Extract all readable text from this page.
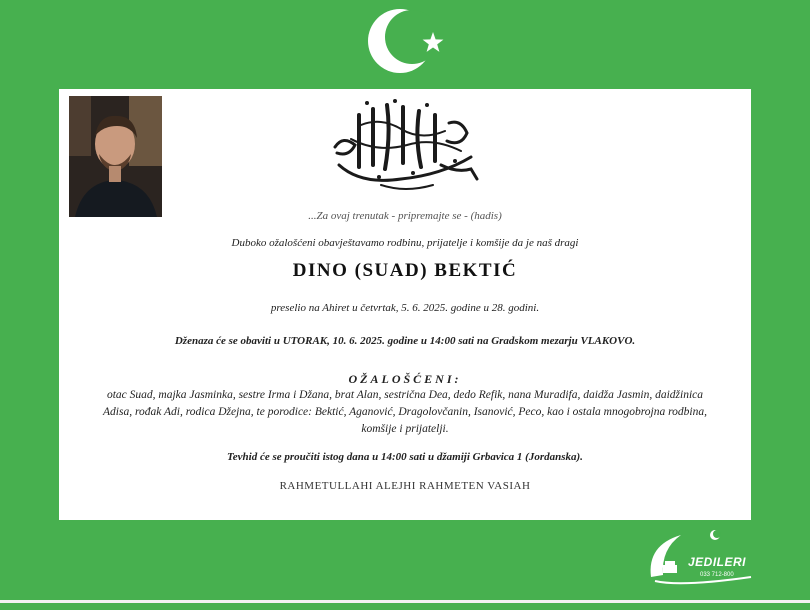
...Za ovaj trenutak - pripremajte se - (hadis)
Duboko ožalošćeni obavještavamo rodbinu, prijatelje i komšije da je naš dragi
DINO (SUAD) BEKTIĆ
preselio na Ahiret u četvrtak, 5. 6. 2025. godine u 28. godini.
Dženaza će se obaviti u UTORAK, 10. 6. 2025. godine u 14:00 sati na Gradskom mezarju VLAKOVO.
OŽALOŠĆENI:
otac Suad, majka Jasminka, sestre Irma i Džana, brat Alan, sestrična Dea, dedo Refik, nana Muradifa, daidža Jasmin, daidžinica Adisa, rođak Adi, rodica Džejna, te porodice: Bektić, Aganović, Dragolovčanin, Isanović, Peco, kao i ostala mnogobrojna rodbina, komšije i prijatelji.
Tevhid će se proučiti istog dana u 14:00 sati u džamiji Grbavica 1 (Jordanska).
RAHMETULLAHI ALEJHI RAHMETEN VASIAH
JEDILERI
033 712-800
